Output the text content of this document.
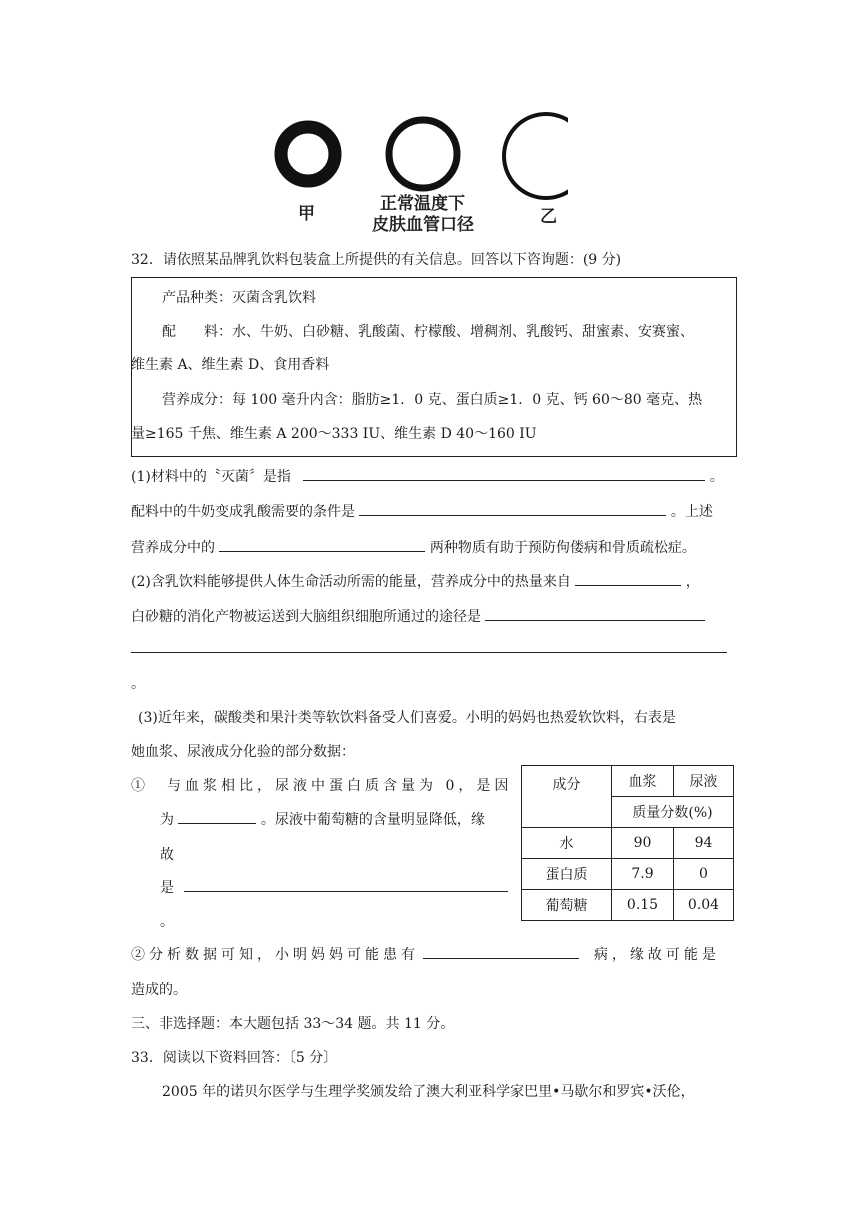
甲	正常温度下
皮肤血管口径	乙
32．请依照某品牌乳饮料包装盒上所提供的有关信息。回答以下咨询题：(9 分)
产品种类：灭菌含乳饮料
配　　料：水、牛奶、白砂糖、乳酸菌、柠檬酸、增稠剂、乳酸钙、甜蜜素、安赛蜜、
维生素 A、维生素 D、食用香料
营养成分：每 100 毫升内含：脂肪≥1．0 克、蛋白质≥1．0 克、钙 60～80 毫克、热
量≥165 千焦、维生素 A 200～333 IU、维生素 D 40～160 IU
(1)材料中的〝灭菌〞是指	。
配料中的牛奶变成乳酸需要的条件是	。上述
营养成分中的	两种物质有助于预防佝偻病和骨质疏松症。
(2)含乳饮料能够提供人体生命活动所需的能量，营养成分中的热量来自	，
白砂糖的消化产物被运送到大脑组织细胞所通过的途径是
。
(3)近年来，碳酸类和果汁类等软饮料备受人们喜爱。小明的妈妈也热爱软饮料，右表是
她血浆、尿液成分化验的部分数据：
①　与血浆相比，尿液中蛋白质含量为 0，是因
为	。尿液中葡萄糖的含量明显降低，缘
故
是
。
成分	血浆	尿液
	质量分数(%)	
水	90	94
蛋白质	7.9	0
葡萄糖	0.15	0.04
②分析数据可知，小明妈妈可能患有	病，缘故可能是
造成的。
三、非选择题：本大题包括 33～34 题。共 11 分。
33．阅读以下资料回答：〔5 分〕
2005 年的诺贝尔医学与生理学奖颁发给了澳大利亚科学家巴里•马歇尔和罗宾•沃伦，
